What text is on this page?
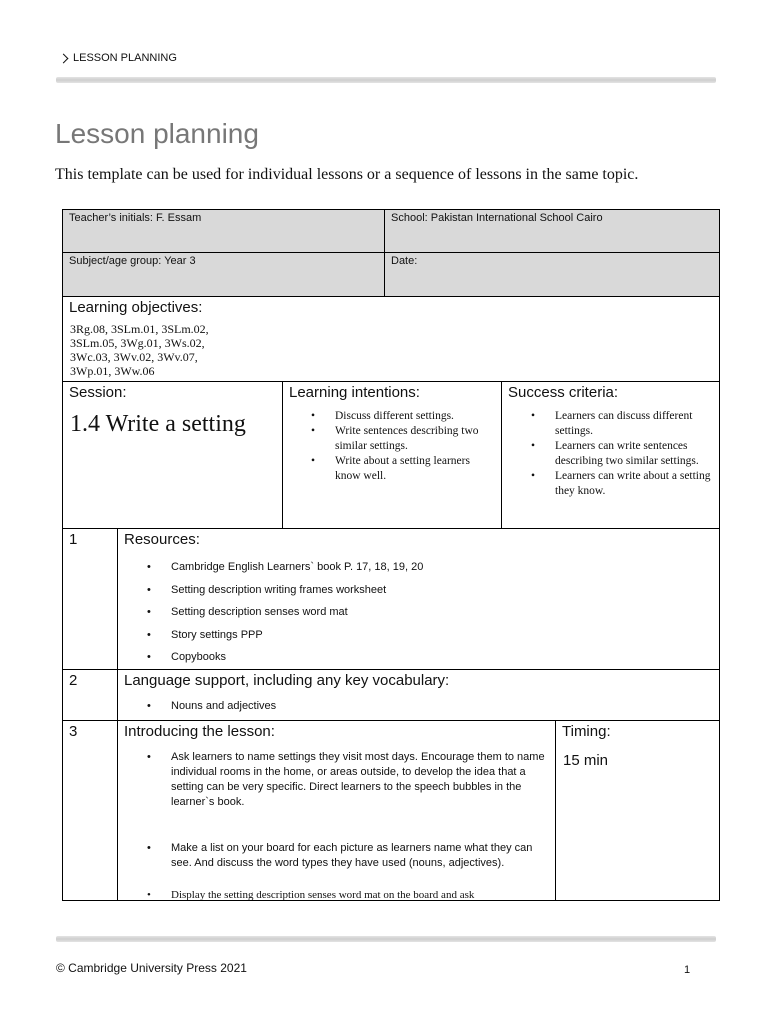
LESSON PLANNING
Lesson planning
This template can be used for individual lessons or a sequence of lessons in the same topic.
Teacher’s initials: F. Essam	School: Pakistan International School Cairo
Subject/age group: Year 3	Date:
Learning objectives:
3Rg.08, 3SLm.01, 3SLm.02,
3SLm.05, 3Wg.01, 3Ws.02,
3Wc.03, 3Wv.02, 3Wv.07,
3Wp.01, 3Ww.06
Session:
1.4 Write a setting
Learning intentions:
• Discuss different settings.
• Write sentences describing two similar settings.
• Write about a setting learners know well.
Success criteria:
• Learners can discuss different settings.
• Learners can write sentences describing two similar settings.
• Learners can write about a setting they know.
1	Resources:
• Cambridge English Learners` book P. 17, 18, 19, 20
• Setting description writing frames worksheet
• Setting description senses word mat
• Story settings PPP
• Copybooks
2	Language support, including any key vocabulary:
• Nouns and adjectives
3	Introducing the lesson:
• Ask learners to name settings they visit most days. Encourage them to name individual rooms in the home, or areas outside, to develop the idea that a setting can be very specific. Direct learners to the speech bubbles in the learner`s book.
• Make a list on your board for each picture as learners name what they can see. And discuss the word types they have used (nouns, adjectives).
• Display the setting description senses word mat on the board and ask
Timing:
15 min
© Cambridge University Press 2021	1
